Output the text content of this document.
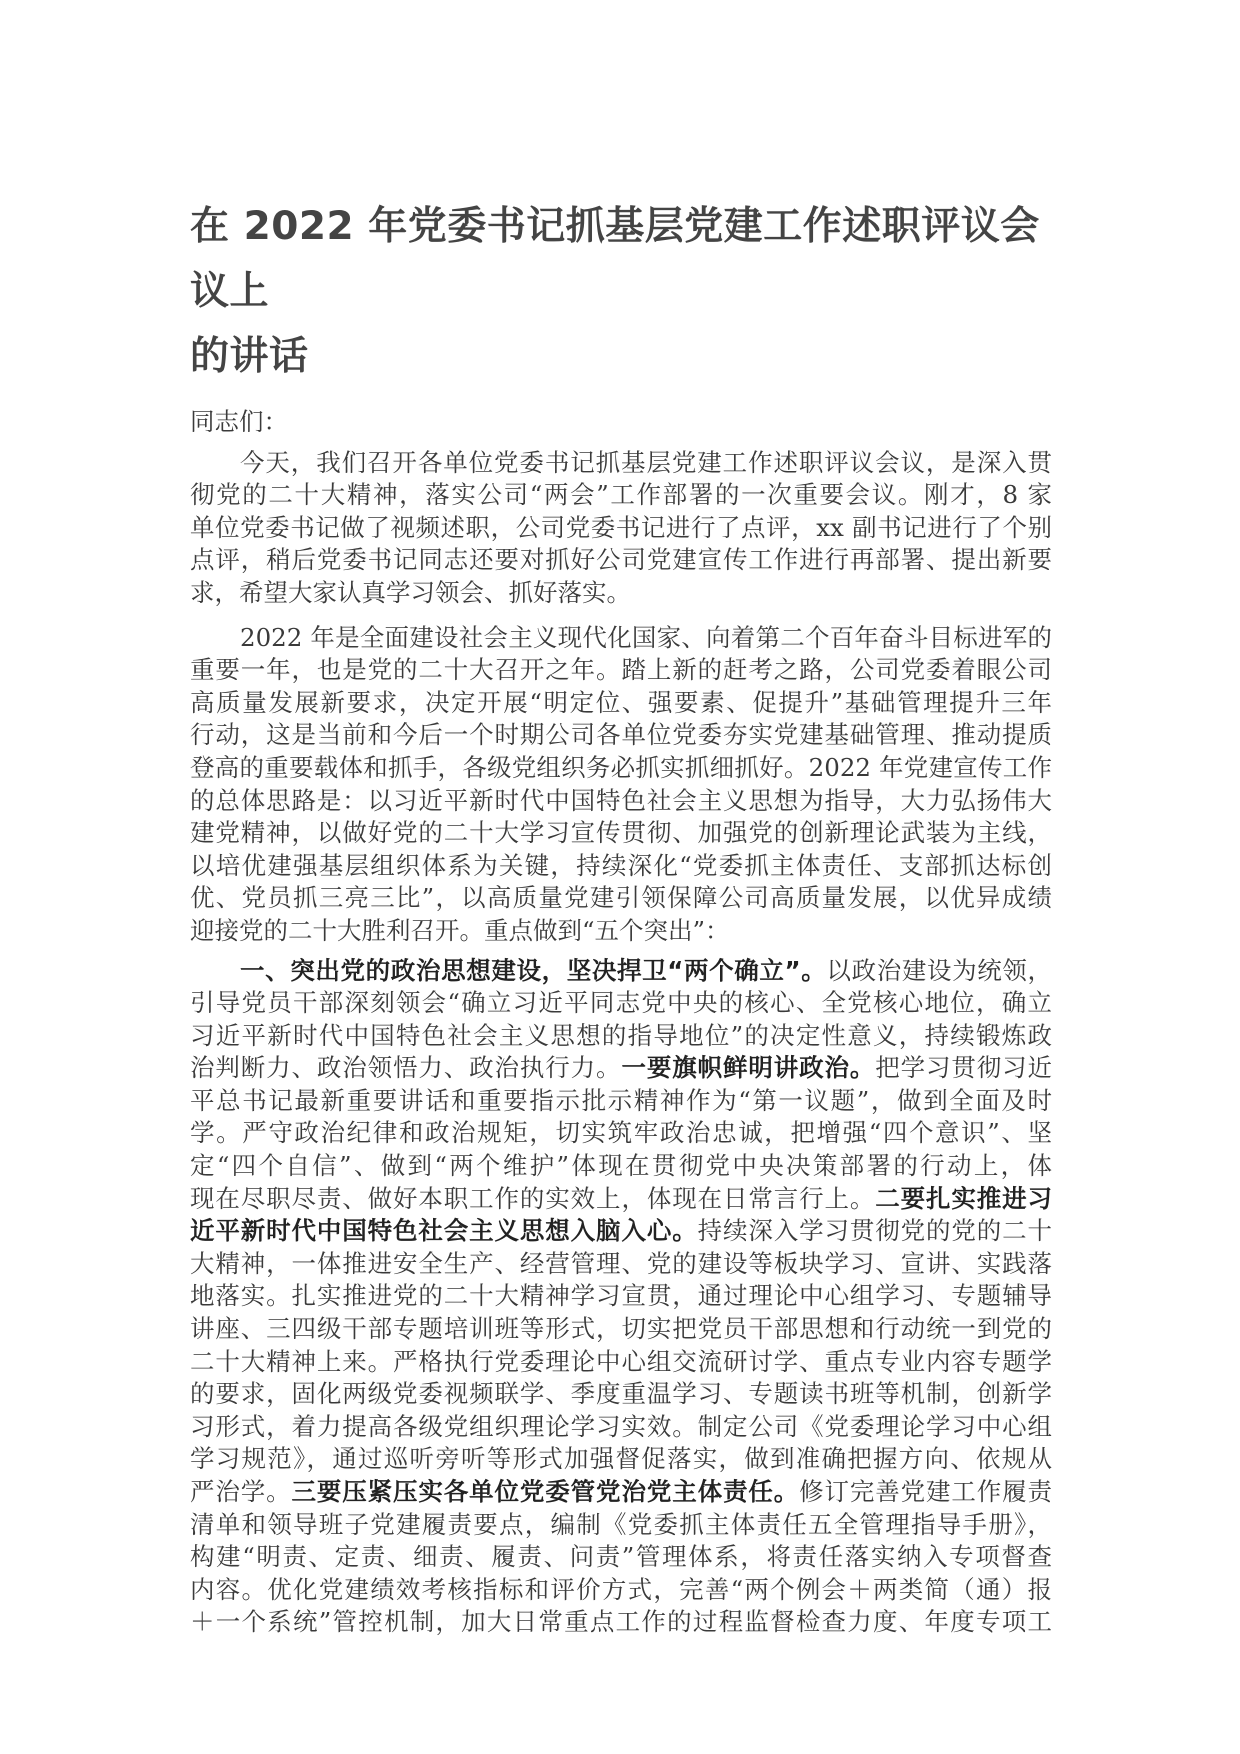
在 2022 年党委书记抓基层党建工作述职评议会议上
的讲话
同志们：
今天，我们召开各单位党委书记抓基层党建工作述职评议会议，是深入贯
彻党的二十大精神，落实公司“两会”工作部署的一次重要会议。刚才，8 家
单位党委书记做了视频述职，公司党委书记进行了点评，xx 副书记进行了个别
点评，稍后党委书记同志还要对抓好公司党建宣传工作进行再部署、提出新要
求，希望大家认真学习领会、抓好落实。
2022 年是全面建设社会主义现代化国家、向着第二个百年奋斗目标进军的
重要一年，也是党的二十大召开之年。踏上新的赶考之路，公司党委着眼公司
高质量发展新要求，决定开展“明定位、强要素、促提升”基础管理提升三年
行动，这是当前和今后一个时期公司各单位党委夯实党建基础管理、推动提质
登高的重要载体和抓手，各级党组织务必抓实抓细抓好。2022 年党建宣传工作
的总体思路是：以习近平新时代中国特色社会主义思想为指导，大力弘扬伟大
建党精神，以做好党的二十大学习宣传贯彻、加强党的创新理论武装为主线，
以培优建强基层组织体系为关键，持续深化“党委抓主体责任、支部抓达标创
优、党员抓三亮三比”，以高质量党建引领保障公司高质量发展，以优异成绩
迎接党的二十大胜利召开。重点做到“五个突出”：
一、突出党的政治思想建设，坚决捍卫“两个确立”。以政治建设为统领，
引导党员干部深刻领会“确立习近平同志党中央的核心、全党核心地位，确立
习近平新时代中国特色社会主义思想的指导地位”的决定性意义，持续锻炼政
治判断力、政治领悟力、政治执行力。一要旗帜鲜明讲政治。把学习贯彻习近
平总书记最新重要讲话和重要指示批示精神作为“第一议题”，做到全面及时
学。严守政治纪律和政治规矩，切实筑牢政治忠诚，把增强“四个意识”、坚
定“四个自信”、做到“两个维护”体现在贯彻党中央决策部署的行动上，体
现在尽职尽责、做好本职工作的实效上，体现在日常言行上。二要扎实推进习
近平新时代中国特色社会主义思想入脑入心。持续深入学习贯彻党的党的二十
大精神，一体推进安全生产、经营管理、党的建设等板块学习、宣讲、实践落
地落实。扎实推进党的二十大精神学习宣贯，通过理论中心组学习、专题辅导
讲座、三四级干部专题培训班等形式，切实把党员干部思想和行动统一到党的
二十大精神上来。严格执行党委理论中心组交流研讨学、重点专业内容专题学
的要求，固化两级党委视频联学、季度重温学习、专题读书班等机制，创新学
习形式，着力提高各级党组织理论学习实效。制定公司《党委理论学习中心组
学习规范》，通过巡听旁听等形式加强督促落实，做到准确把握方向、依规从
严治学。三要压紧压实各单位党委管党治党主体责任。修订完善党建工作履责
清单和领导班子党建履责要点，编制《党委抓主体责任五全管理指导手册》，
构建“明责、定责、细责、履责、问责”管理体系，将责任落实纳入专项督查
内容。优化党建绩效考核指标和评价方式，完善“两个例会＋两类简（通）报
＋一个系统”管控机制，加大日常重点工作的过程监督检查力度、年度专项工
